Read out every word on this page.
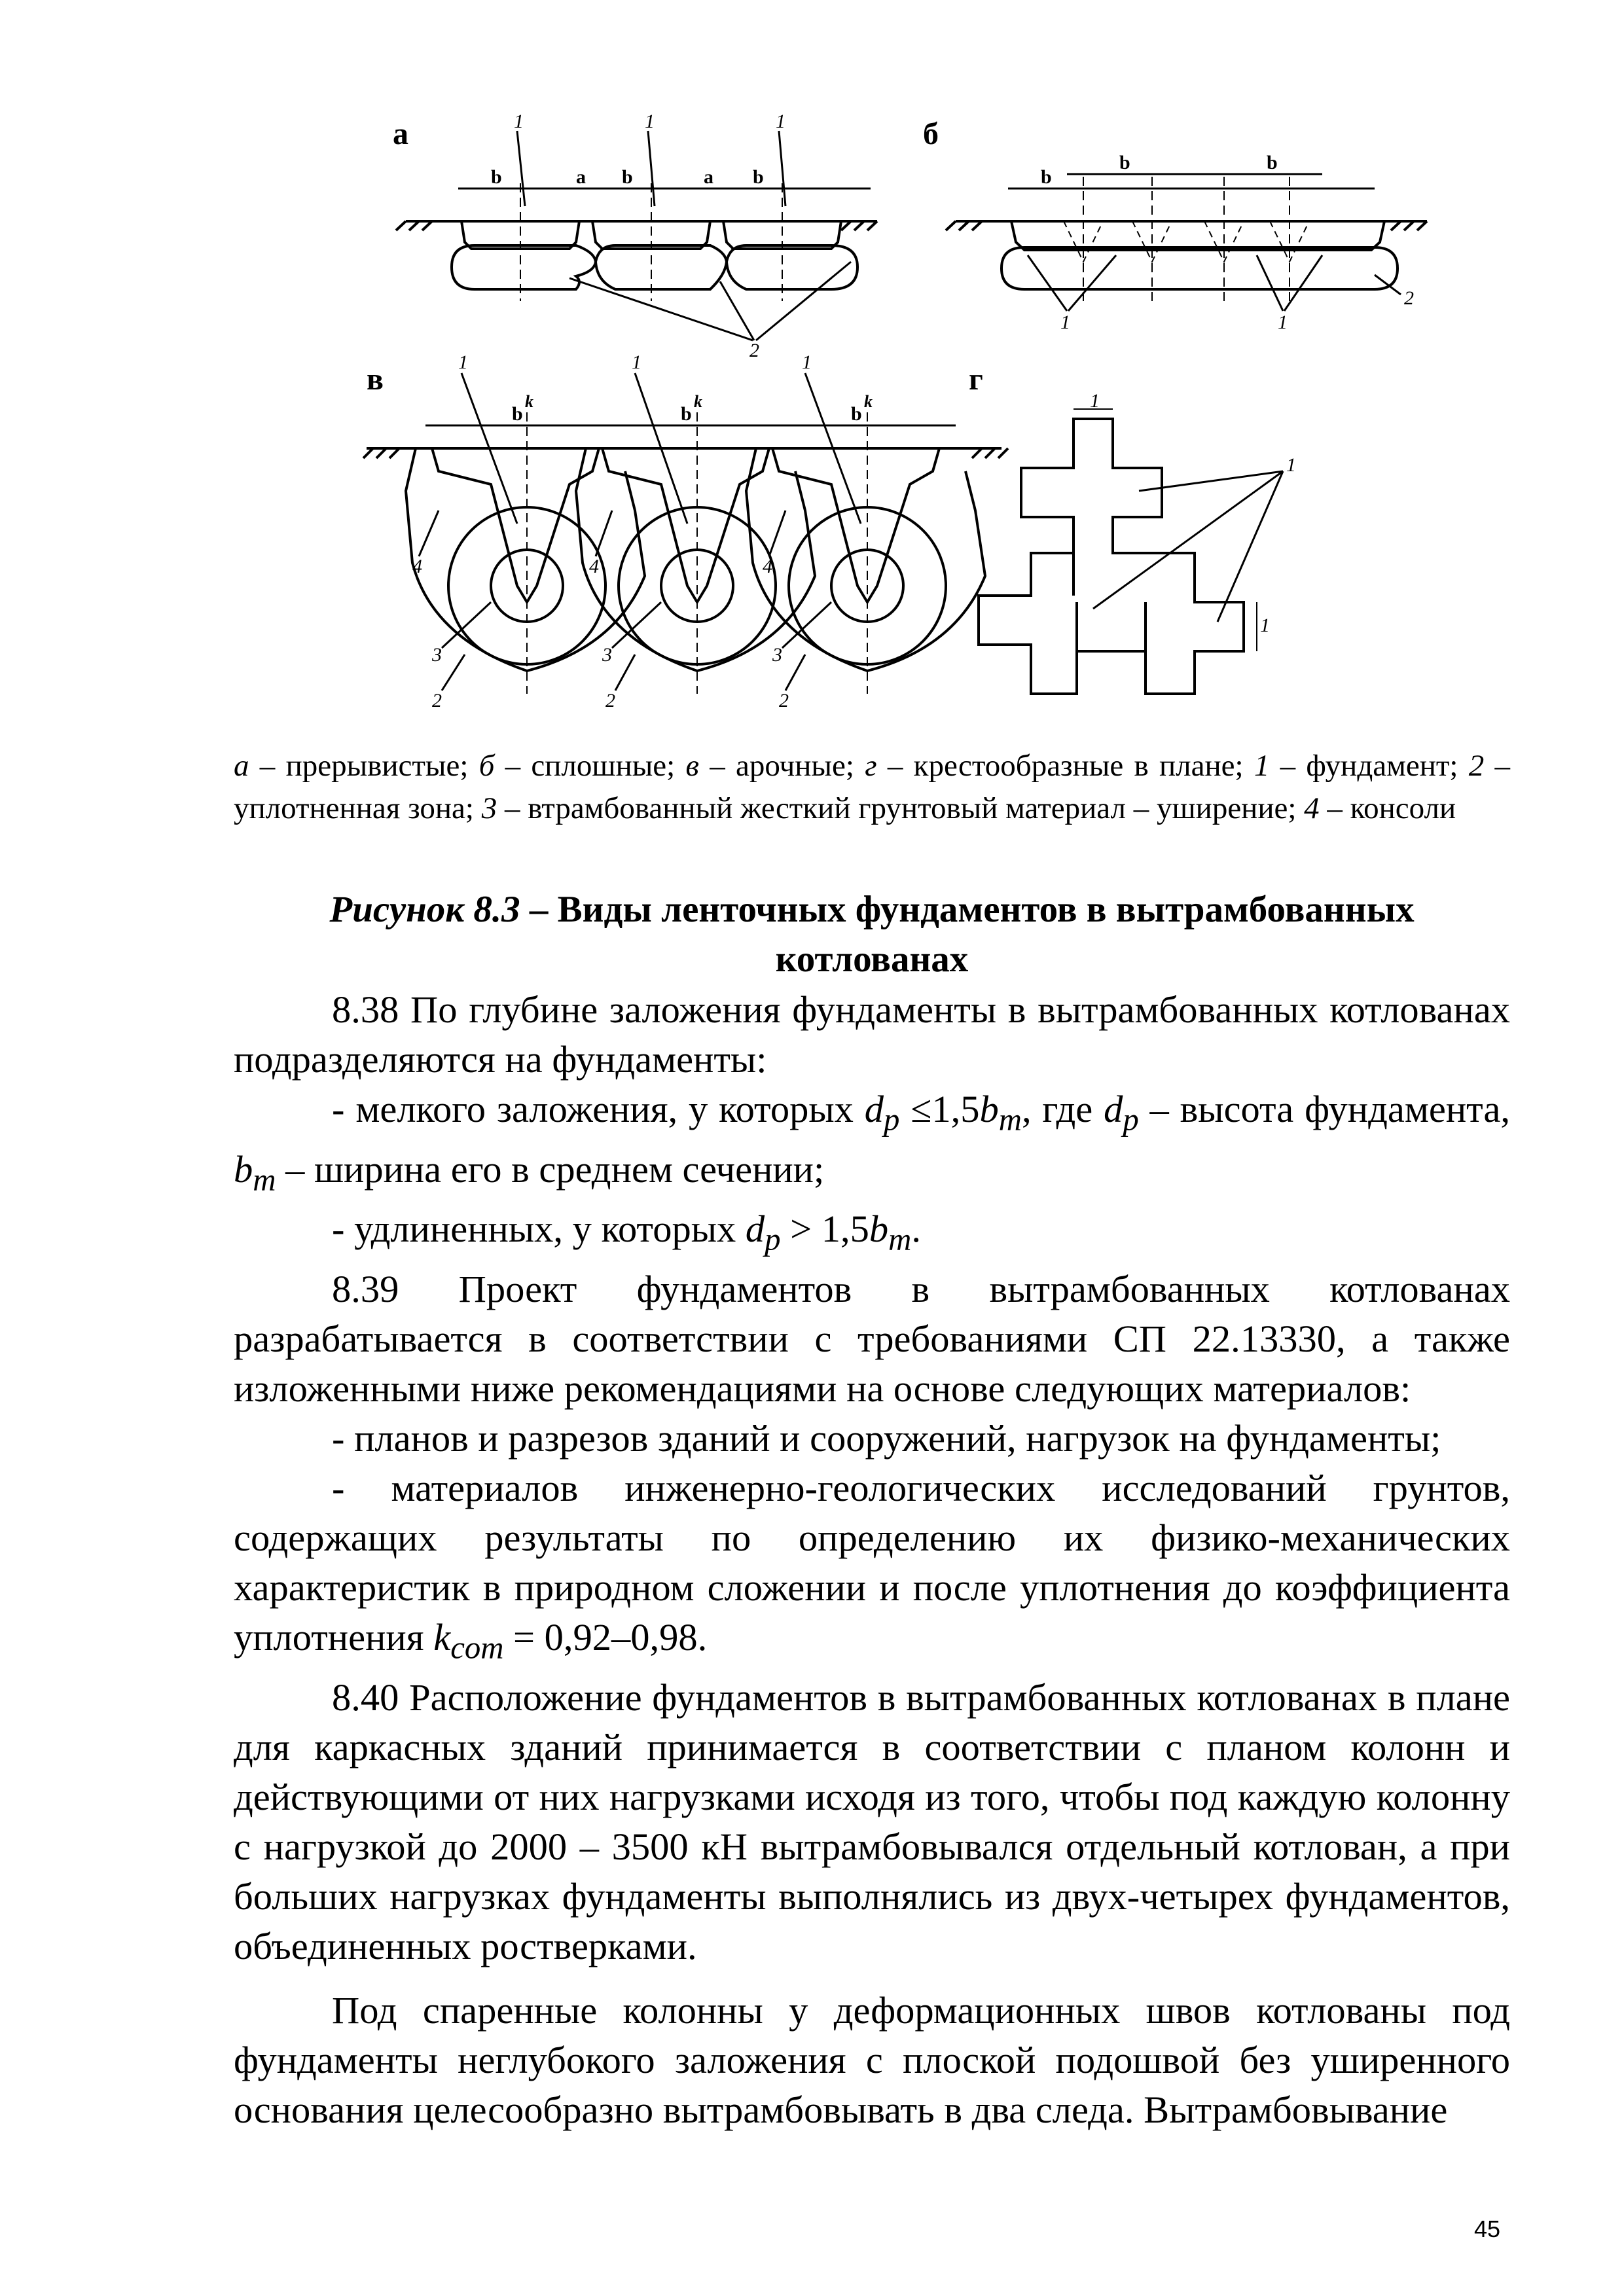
а	б
в	г
1	1	1
2
1	1
2
1	1	1
4	4	4
3	3	3
2	2	2
1
1
1
b	a b	a b	b
b	b
b	b	b
k	k	k
а – прерывистые; б – сплошные; в – арочные; г – крестообразные в плане; 1 – фундамент; 2 – уплотненная зона; 3 – втрамбованный жесткий грунтовый материал – уширение; 4 – консоли
Рисунок 8.3 – Виды ленточных фундаментов в вытрамбованных котлованах

8.38 По глубине заложения фундаменты в вытрамбованных котлованах подразделяются на фундаменты:

- мелкого заложения, у которых $d_p \le 1,5b_m$, где $d_p$ – высота фундамента, $b_m$ – ширина его в среднем сечении;

- удлиненных, у которых $d_p > 1,5b_m$.

8.39 Проект фундаментов в вытрамбованных котлованах разрабатывается в соответствии с требованиями СП 22.13330, а также изложенными ниже рекомендациями на основе следующих материалов:

- планов и разрезов зданий и сооружений, нагрузок на фундаменты;

- материалов инженерно-геологических исследований грунтов, содержащих результаты по определению их физико-механических характеристик в природном сложении и после уплотнения до коэффициента уплотнения $k_{com} = 0,92-0,98$.

8.40 Расположение фундаментов в вытрамбованных котлованах в плане для каркасных зданий принимается в соответствии с планом колонн и действующими от них нагрузками исходя из того, чтобы под каждую колонну с нагрузкой до 2000 – 3500 кН вытрамбовывался отдельный котлован, а при больших нагрузках фундаменты выполнялись из двух-четырех фундаментов, объединенных ростверками.

Под спаренные колонны у деформационных швов котлованы под фундаменты неглубокого заложения с плоской подошвой без уширенного основания целесообразно вытрамбовывать в два следа. Вытрамбовывание

45
